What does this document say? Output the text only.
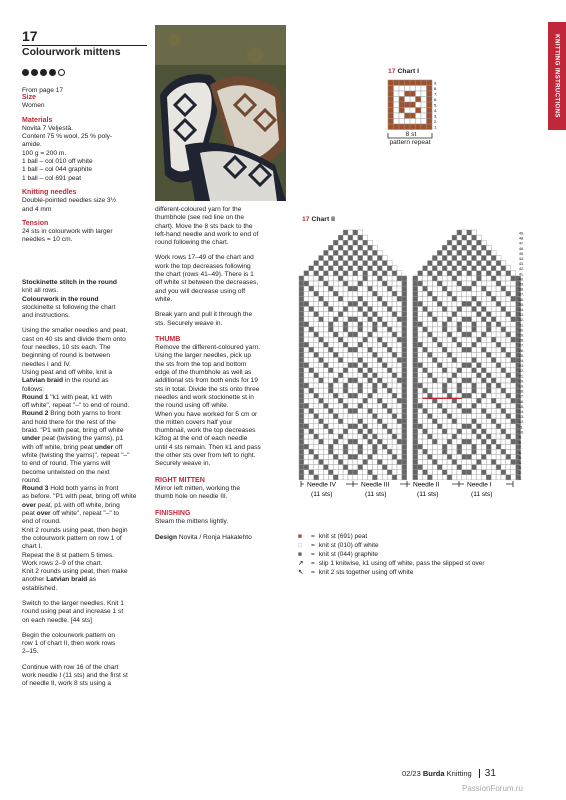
KNITTING INSTRUCTIONS
17
Colourwork mittens
From page 17
Size
Women
Materials
Novita 7 Veljestä.
Content 75 % wool, 25 % poly-
amide.
100 g = 200 m.
1 ball – col 010 off white
1 ball – col 044 graphite
1 ball – col 691 peat
Knitting needles
Double-pointed needles size 3½
and 4 mm
Tension
24 sts in colourwork with larger
needles = 10 cm.
Stockinette stitch in the round
knit all rows.
Colourwork in the round
stockinette st following the chart
and instructions.
Using the smaller needles and peat,
cast on 40 sts and divide them onto
four needles, 10 sts each. The
beginning of round is between
needles I and IV.
Using peat and off white, knit a
Latvian braid in the round as
follows:
Round 1 "k1 with peat, k1 with
off white", repeat "–" to end of round.
Round 2 Bring both yarns to front
and hold there for the rest of the
braid. "P1 with peat, bring off white
under peat (twisting the yarns), p1
with off white, bring peat under off
white (twisting the yarns)", repeat "–"
to end of round. The yarns will
become untwisted on the next
round.
Round 3 Hold both yarns in front
as before. "P1 with peat, bring off white
over peat, p1 with off white, bring
peat over off white", repeat "–" to
end of round.
Knit 2 rounds using peat, then begin
the colourwork pattern on row 1 of
chart I.
Repeat the 8 st pattern 5 times.
Work rows 2–9 of the chart.
Knit 2 rounds using peat, then make
another Latvian braid as
established.
Switch to the larger needles. Knit 1
round using peat and increase 1 st
on each needle. [44 sts]
Begin the colourwork pattern on
row 1 of chart II, then work rows
2–15.
Continue with row 16 of the chart
work needle I (11 sts) and the first st
of needle II, work 8 sts using a
different-coloured yarn for the
thumbhole (see red line on the
chart). Move the 8 sts back to the
left-hand needle and work to end of
round following the chart.
Work rows 17–49 of the chart and
work the top decreases following
the chart (rows 41–49). There is 1
off white st between the decreases,
and you will decrease using off
white.
Break yarn and pull it through the
sts. Securely weave in.
THUMB
Remove the different-coloured yarn.
Using the larger needles, pick up
the sts from the top and bottom
edge of the thumbhole as well as
additional sts from both ends for 19
sts in total. Divide the sts onto three
needles and work stockinette st in
the round using off white.
When you have worked for 5 cm or
the mitten covers half your
thumbnail, work the top decreases
k2tog at the end of each needle
until 4 sts remain. Then k1 and pass
the other sts over from left to right.
Securely weave in.
RIGHT MITTEN
Mirror left mitten, working the
thumb hole on needle III.
FINISHING
Steam the mittens lightly.
Design Novita / Ronja Hakalehto
17 Chart I
9.
8.
7.
6.
5.
4.
3.
2.
1.
8 st
pattern repeat
17 Chart II
49.
48.
47.
46.
45.
44.
43.
42.
41.
40.
39.
38.
37.
36.
35.
34.
33.
32.
31.
30.
29.
28.
27.
26.
25.
24.
23.
22.
21.
20.
19.
18.
17.
16.
15.
14.
13.
12.
11.
10.
9.
8.
7.
6.
5.
4.
3.
2.
1.
Needle IV
(11 sts)
Needle III
(11 sts)
Needle II
(11 sts)
Needle I
(11 sts)
■ = knit st (691) peat
□ = knit st (010) off white
■ = knit st (044) graphite
↗ = slip 1 knitwise, k1 using off white, pass the slipped st over
↖ = knit 2 sts together using off white
02/23 Burda Knitting 31
PassionForum.ru
